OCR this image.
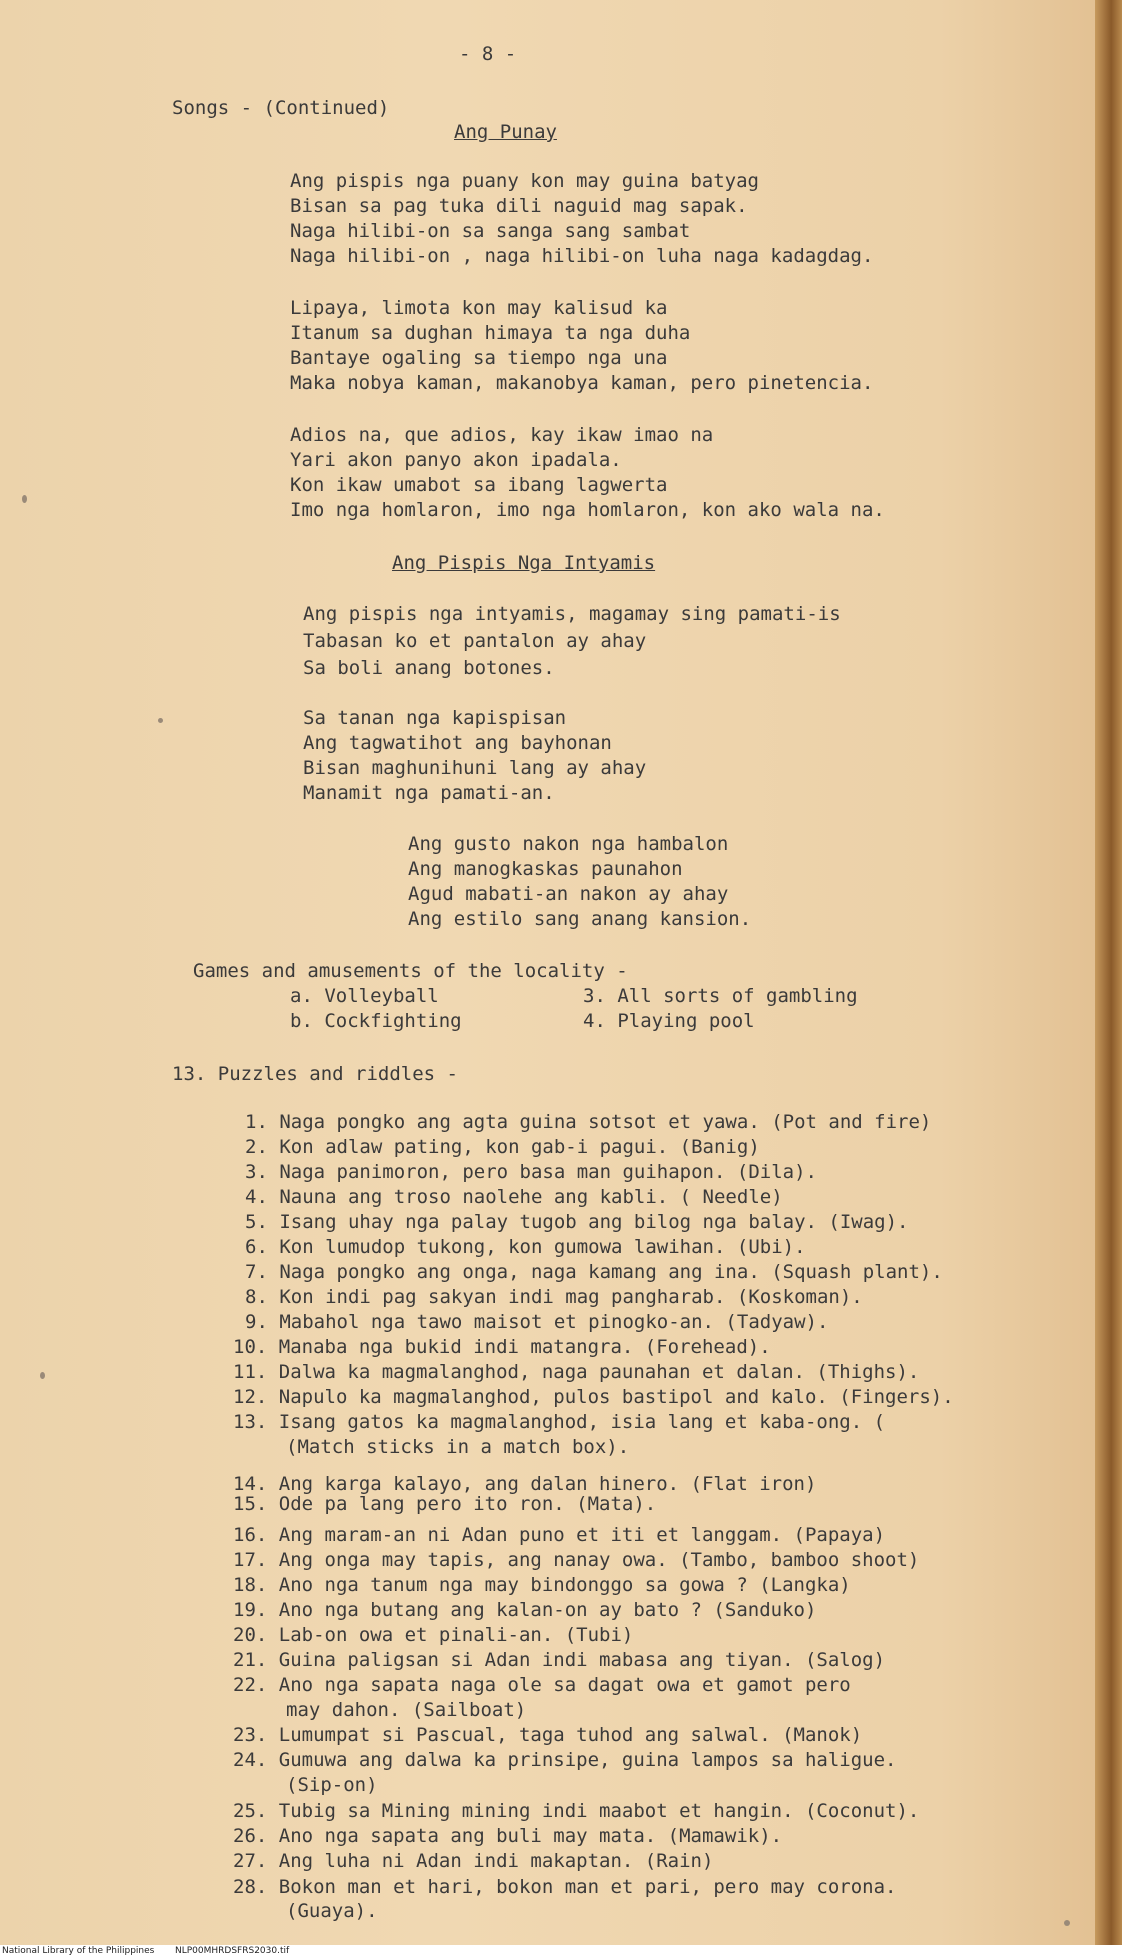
- 8 -
Songs - (Continued)
Ang Punay
Ang pispis nga puany kon may guina batyag
Bisan sa pag tuka dili naguid mag sapak.
Naga hilibi-on sa sanga sang sambat
Naga hilibi-on , naga hilibi-on luha naga kadagdag.
Lipaya, limota kon may kalisud ka
Itanum sa dughan himaya ta nga duha
Bantaye ogaling sa tiempo nga una
Maka nobya kaman, makanobya kaman, pero pinetencia.
Adios na, que adios, kay ikaw imao na
Yari akon panyo akon ipadala.
Kon ikaw umabot sa ibang lagwerta
Imo nga homlaron, imo nga homlaron, kon ako wala na.
Ang Pispis Nga Intyamis
Ang pispis nga intyamis, magamay sing pamati-is
Tabasan ko et pantalon ay ahay
Sa boli anang botones.
Sa tanan nga kapispisan
Ang tagwatihot ang bayhonan
Bisan maghunihuni lang ay ahay
Manamit nga pamati-an.
Ang gusto nakon nga hambalon
Ang manogkaskas paunahon
Agud mabati-an nakon ay ahay
Ang estilo sang anang kansion.
Games and amusements of the locality -
a. Volleyball
b. Cockfighting
3. All sorts of gambling
4. Playing pool
13. Puzzles and riddles -
1. Naga pongko ang agta guina sotsot et yawa. (Pot and fire)
2. Kon adlaw pating, kon gab-i pagui. (Banig)
3. Naga panimoron, pero basa man guihapon. (Dila).
4. Nauna ang troso naolehe ang kabli. ( Needle)
5. Isang uhay nga palay tugob ang bilog nga balay. (Iwag).
6. Kon lumudop tukong, kon gumowa lawihan. (Ubi).
7. Naga pongko ang onga, naga kamang ang ina. (Squash plant).
8. Kon indi pag sakyan indi mag pangharab. (Koskoman).
9. Mabahol nga tawo maisot et pinogko-an. (Tadyaw).
10. Manaba nga bukid indi matangra. (Forehead).
11. Dalwa ka magmalanghod, naga paunahan et dalan. (Thighs).
12. Napulo ka magmalanghod, pulos bastipol and kalo. (Fingers).
13. Isang gatos ka magmalanghod, isia lang et kaba-ong. (
(Match sticks in a match box).
14. Ang karga kalayo, ang dalan hinero. (Flat iron)
15. Ode pa lang pero ito ron. (Mata).
16. Ang maram-an ni Adan puno et iti et langgam. (Papaya)
17. Ang onga may tapis, ang nanay owa. (Tambo, bamboo shoot)
18. Ano nga tanum nga may bindonggo sa gowa ? (Langka)
19. Ano nga butang ang kalan-on ay bato ? (Sanduko)
20. Lab-on owa et pinali-an. (Tubi)
21. Guina paligsan si Adan indi mabasa ang tiyan. (Salog)
22. Ano nga sapata naga ole sa dagat owa et gamot pero
may dahon. (Sailboat)
23. Lumumpat si Pascual, taga tuhod ang salwal. (Manok)
24. Gumuwa ang dalwa ka prinsipe, guina lampos sa haligue.
(Sip-on)
25. Tubig sa Mining mining indi maabot et hangin. (Coconut).
26. Ano nga sapata ang buli may mata. (Mamawik).
27. Ang luha ni Adan indi makaptan. (Rain)
28. Bokon man et hari, bokon man et pari, pero may corona.
(Guaya).
National Library of the Philippines NLP00MHRDSFRS2030.tif
